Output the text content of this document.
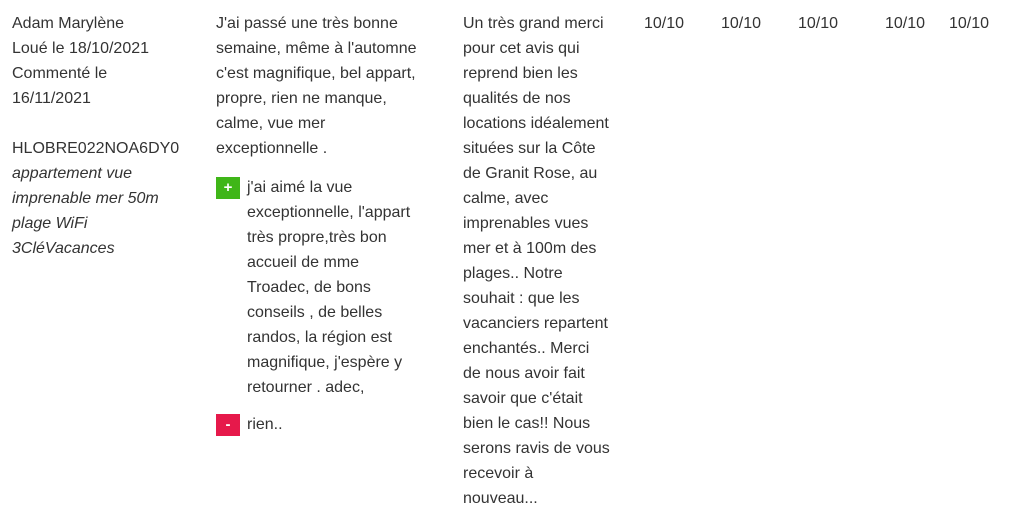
Adam Marylène
Loué le 18/10/2021
Commenté le
16/11/2021
HLOBRE022NOA6DY0
appartement vue
imprenable mer 50m
plage WiFi
3CléVacances
J'ai passé une très bonne
semaine, même à l'automne
c'est magnifique, bel appart,
propre, rien ne manque,
calme, vue mer
exceptionnelle .
+ j'ai aimé la vue
exceptionnelle, l'appart
très propre,très bon
accueil de mme
Troadec, de bons
conseils , de belles
randos, la région est
magnifique, j'espère y
retourner . adec,
-	rien..
Un très grand merci
pour cet avis qui
reprend bien les
qualités de nos
locations idéalement
situées sur la Côte
de Granit Rose, au
calme, avec
imprenables vues
mer et à 100m des
plages.. Notre
souhait : que les
vacanciers repartent
enchantés.. Merci
de nous avoir fait
savoir que c'était
bien le cas!! Nous
serons ravis de vous
recevoir à
nouveau...
10/10 10/10 10/10	10/10 10/10
